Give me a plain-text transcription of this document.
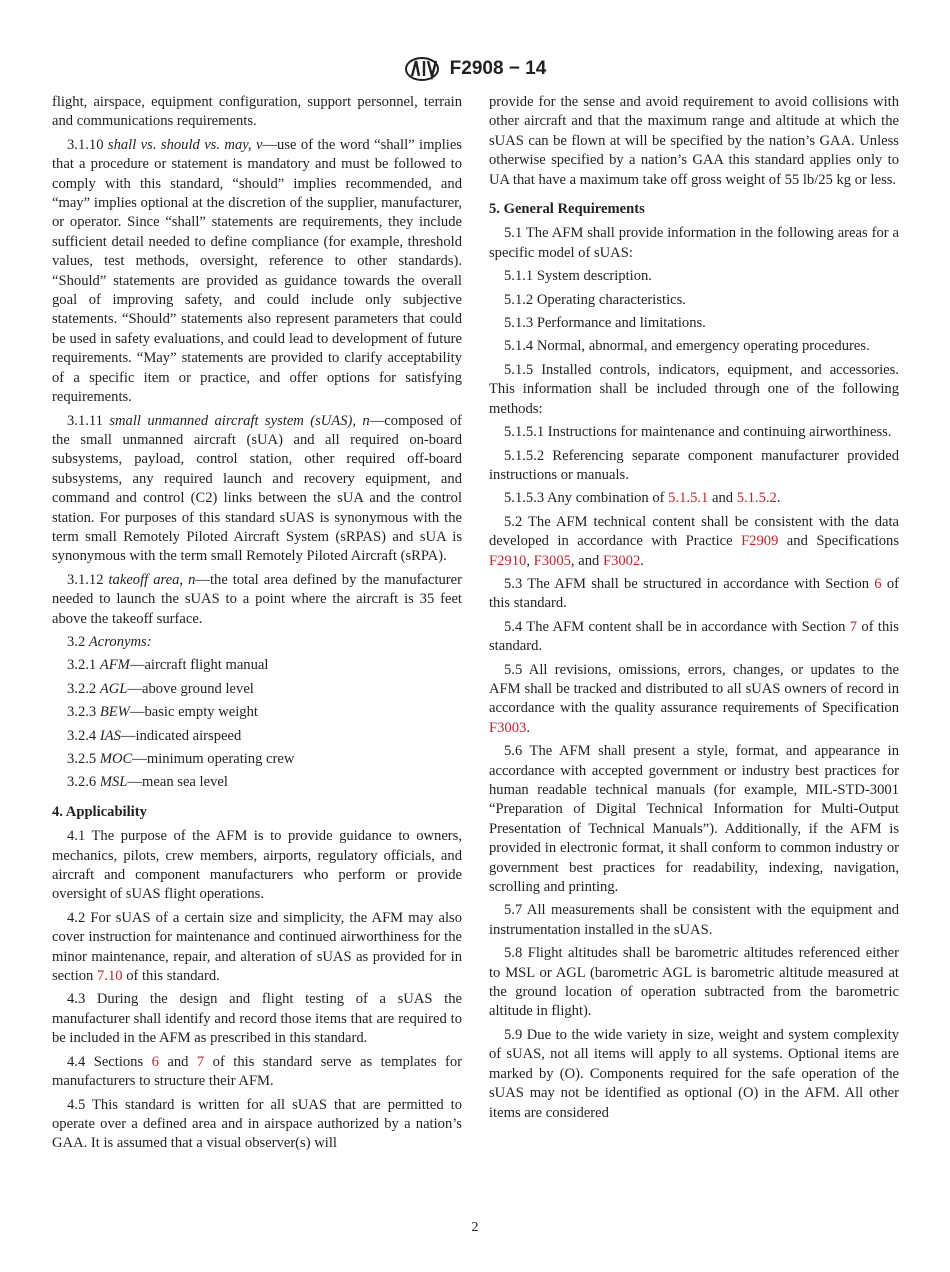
F2908 − 14

flight, airspace, equipment configuration, support personnel, terrain and communications requirements.

3.1.10 shall vs. should vs. may, v—use of the word “shall” implies that a procedure or statement is mandatory and must be followed to comply with this standard, “should” implies recommended, and “may” implies optional at the discretion of the supplier, manufacturer, or operator. Since “shall” statements are requirements, they include sufficient detail needed to define compliance (for example, threshold values, test methods, oversight, reference to other standards). “Should” statements are provided as guidance towards the overall goal of improving safety, and could include only subjective statements. “Should” statements also represent parameters that could be used in safety evaluations, and could lead to development of future requirements. “May” statements are provided to clarify acceptability of a specific item or practice, and offer options for satisfying requirements.

3.1.11 small unmanned aircraft system (sUAS), n—composed of the small unmanned aircraft (sUA) and all required on-board subsystems, payload, control station, other required off-board subsystems, any required launch and recovery equipment, and command and control (C2) links between the sUA and the control station. For purposes of this standard sUAS is synonymous with the term small Remotely Piloted Aircraft System (sRPAS) and sUA is synonymous with the term small Remotely Piloted Aircraft (sRPA).

3.1.12 takeoff area, n—the total area defined by the manufacturer needed to launch the sUAS to a point where the aircraft is 35 feet above the takeoff surface.

3.2 Acronyms:

3.2.1 AFM—aircraft flight manual

3.2.2 AGL—above ground level

3.2.3 BEW—basic empty weight

3.2.4 IAS—indicated airspeed

3.2.5 MOC—minimum operating crew

3.2.6 MSL—mean sea level

4. Applicability

4.1 The purpose of the AFM is to provide guidance to owners, mechanics, pilots, crew members, airports, regulatory officials, and aircraft and component manufacturers who perform or provide oversight of sUAS flight operations.

4.2 For sUAS of a certain size and simplicity, the AFM may also cover instruction for maintenance and continued airworthiness for the minor maintenance, repair, and alteration of sUAS as provided for in section 7.10 of this standard.

4.3 During the design and flight testing of a sUAS the manufacturer shall identify and record those items that are required to be included in the AFM as prescribed in this standard.

4.4 Sections 6 and 7 of this standard serve as templates for manufacturers to structure their AFM.

4.5 This standard is written for all sUAS that are permitted to operate over a defined area and in airspace authorized by a nation’s GAA. It is assumed that a visual observer(s) will

provide for the sense and avoid requirement to avoid collisions with other aircraft and that the maximum range and altitude at which the sUAS can be flown at will be specified by the nation’s GAA. Unless otherwise specified by a nation’s GAA this standard applies only to UA that have a maximum take off gross weight of 55 lb/25 kg or less.

5. General Requirements

5.1 The AFM shall provide information in the following areas for a specific model of sUAS:

5.1.1 System description.

5.1.2 Operating characteristics.

5.1.3 Performance and limitations.

5.1.4 Normal, abnormal, and emergency operating procedures.

5.1.5 Installed controls, indicators, equipment, and accessories. This information shall be included through one of the following methods:

5.1.5.1 Instructions for maintenance and continuing airworthiness.

5.1.5.2 Referencing separate component manufacturer provided instructions or manuals.

5.1.5.3 Any combination of 5.1.5.1 and 5.1.5.2.

5.2 The AFM technical content shall be consistent with the data developed in accordance with Practice F2909 and Specifications F2910, F3005, and F3002.

5.3 The AFM shall be structured in accordance with Section 6 of this standard.

5.4 The AFM content shall be in accordance with Section 7 of this standard.

5.5 All revisions, omissions, errors, changes, or updates to the AFM shall be tracked and distributed to all sUAS owners of record in accordance with the quality assurance requirements of Specification F3003.

5.6 The AFM shall present a style, format, and appearance in accordance with accepted government or industry best practices for human readable technical manuals (for example, MIL-STD-3001 “Preparation of Digital Technical Information for Multi-Output Presentation of Technical Manuals”). Additionally, if the AFM is provided in electronic format, it shall conform to common industry or government best practices for readability, indexing, navigation, scrolling and printing.

5.7 All measurements shall be consistent with the equipment and instrumentation installed in the sUAS.

5.8 Flight altitudes shall be barometric altitudes referenced either to MSL or AGL (barometric AGL is barometric altitude measured at the ground location of operation subtracted from the barometric altitude in flight).

5.9 Due to the wide variety in size, weight and system complexity of sUAS, not all items will apply to all systems. Optional items are marked by (O). Components required for the safe operation of the sUAS may not be identified as optional (O) in the AFM. All other items are considered

2
